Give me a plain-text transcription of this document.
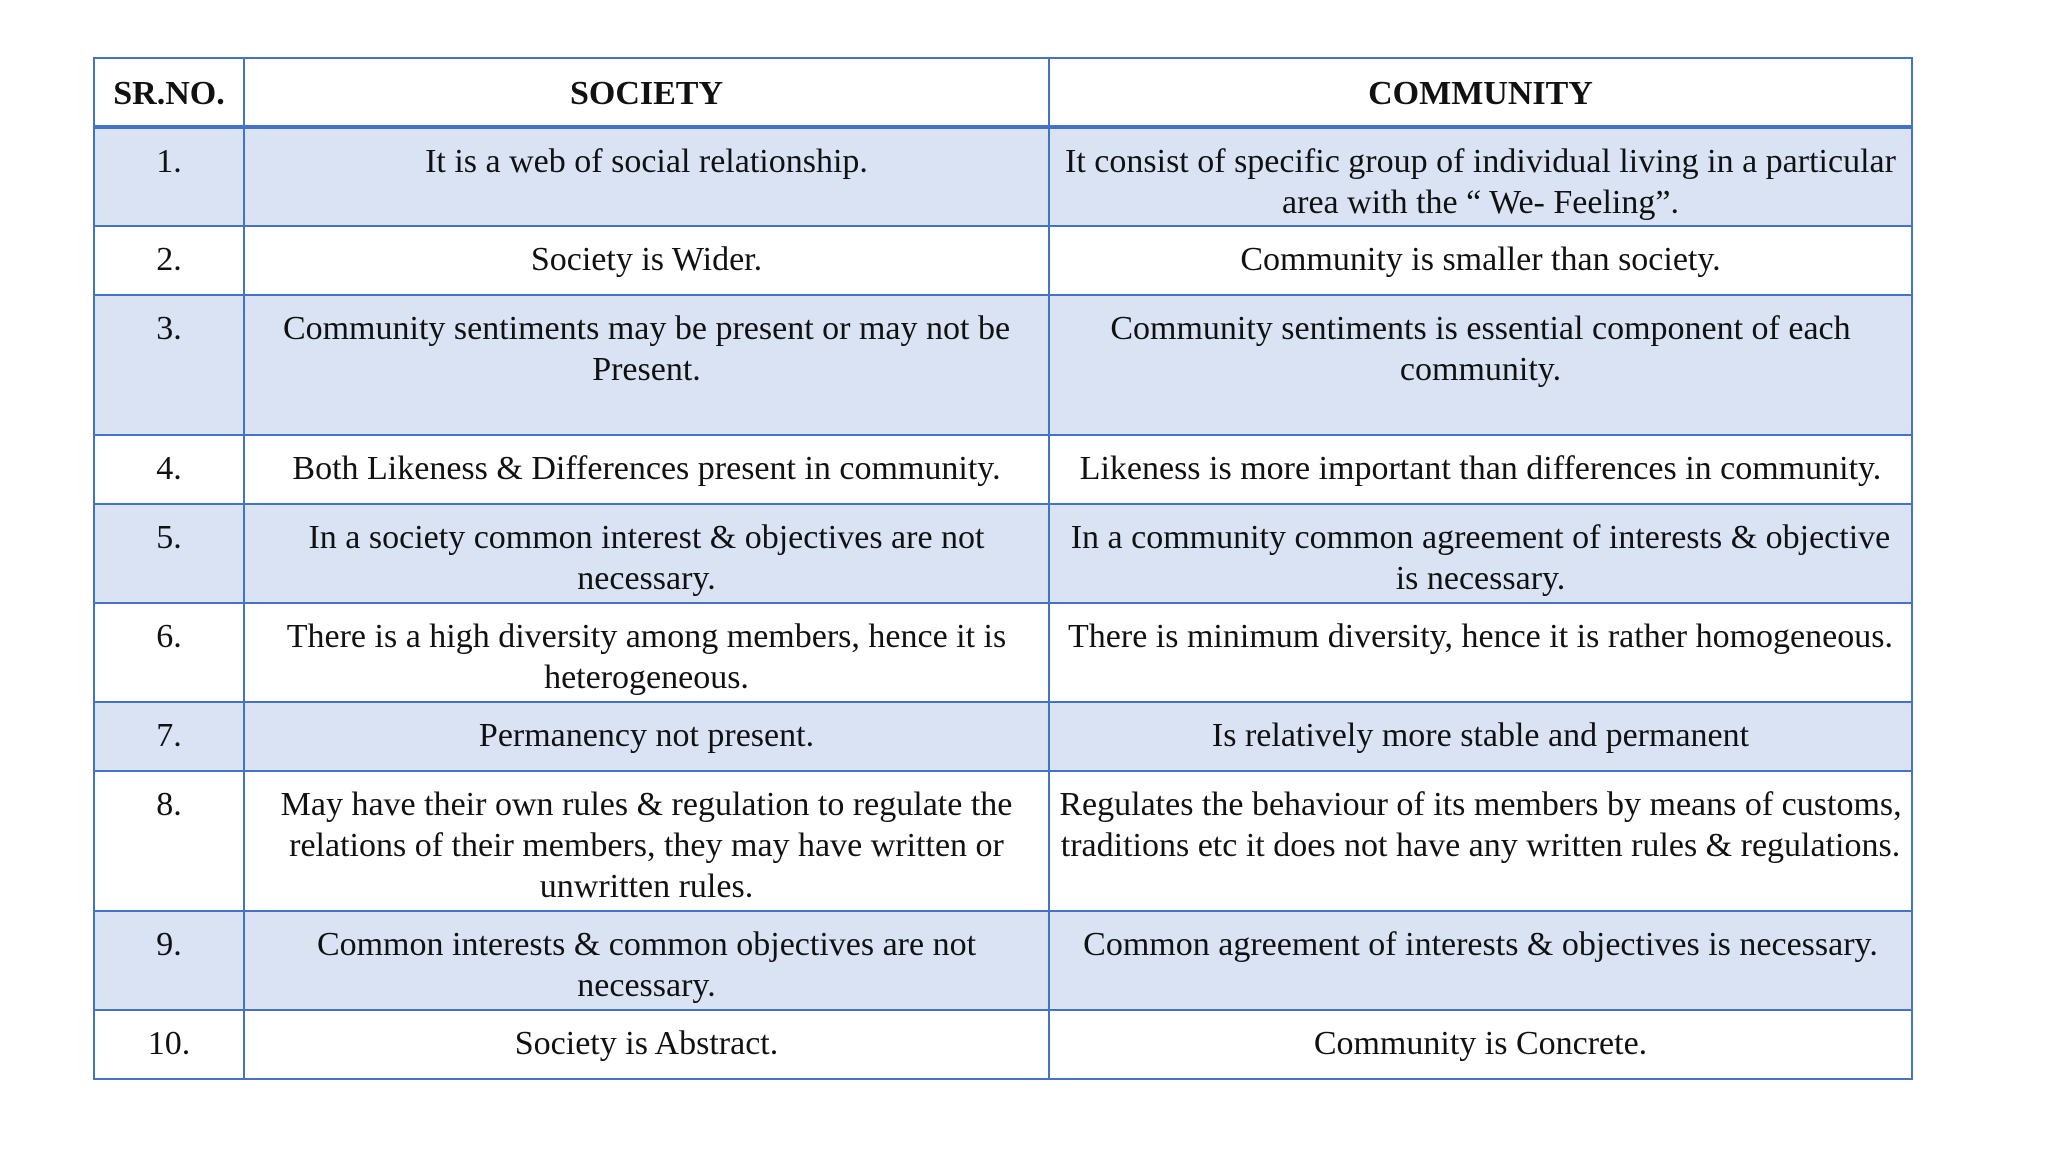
SR.NO.	SOCIETY	COMMUNITY
1.	It is a web of social relationship.	It consist of specific group of individual living in a particular area with the “ We- Feeling”.
2.	Society is Wider.	Community is smaller than society.
3.	Community sentiments may be present or may not be Present.	Community sentiments is essential component of each community.
4.	Both Likeness & Differences present in community.	Likeness is more important than differences in community.
5.	In a society common interest & objectives are not necessary.	In a community common agreement of interests & objective is necessary.
6.	There is a high diversity among members, hence it is heterogeneous.	There is minimum diversity, hence it is rather homogeneous.
7.	Permanency not present.	Is relatively more stable and permanent
8.	May have their own rules & regulation to regulate the relations of their members, they may have written or unwritten rules.	Regulates the behaviour of its members by means of customs, traditions etc it does not have any written rules & regulations.
9.	Common interests & common objectives are not necessary.	Common agreement of interests & objectives is necessary.
10.	Society is Abstract.	Community is Concrete.
